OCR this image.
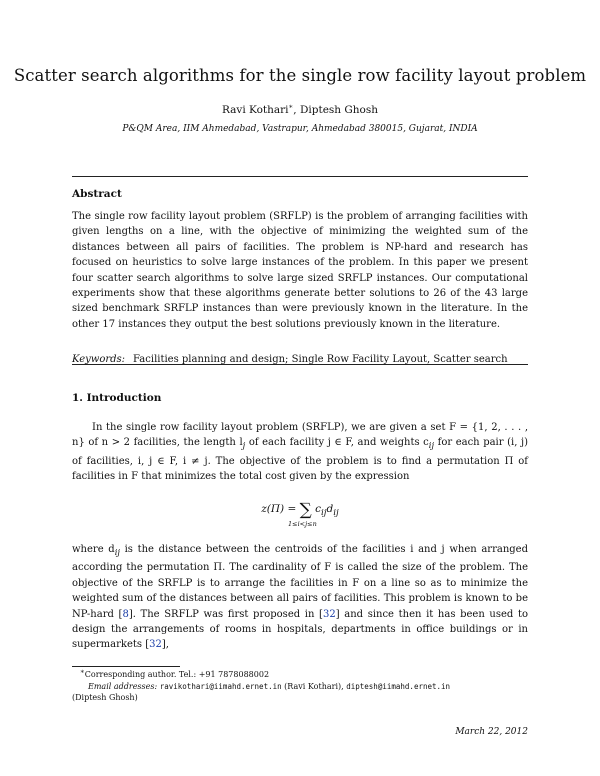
Scatter search algorithms for the single row facility layout problem
Ravi Kothari∗, Diptesh Ghosh
P&QM Area, IIM Ahmedabad, Vastrapur, Ahmedabad 380015, Gujarat, INDIA
Abstract

The single row facility layout problem (SRFLP) is the problem of arranging facilities with given lengths on a line, with the objective of minimizing the weighted sum of the distances between all pairs of facilities. The problem is NP-hard and research has focused on heuristics to solve large instances of the problem. In this paper we present four scatter search algorithms to solve large sized SRFLP instances. Our computational experiments show that these algorithms generate better solutions to 26 of the 43 large sized benchmark SRFLP instances than were previously known in the literature. In the other 17 instances they output the best solutions previously known in the literature.

Keywords: Facilities planning and design; Single Row Facility Layout, Scatter search
1. Introduction

In the single row facility layout problem (SRFLP), we are given a set F = {1, 2, . . . , n} of n > 2 facilities, the length $l_j$ of each facility j ∈ F, and weights $c_{ij}$ for each pair (i, j) of facilities, i, j ∈ F, i ≠ j. The objective of the problem is to find a permutation Π of facilities in F that minimizes the total cost given by the expression

z(Π) = ∑ $c_{ij}d_{ij}$
1≤i<j≤n

where $d_{ij}$ is the distance between the centroids of the facilities i and j when arranged according the permutation Π. The cardinality of F is called the size of the problem. The objective of the SRFLP is to arrange the facilities in F on a line so as to minimize the weighted sum of the distances between all pairs of facilities. This problem is known to be NP-hard [8]. The SRFLP was first proposed in [32] and since then it has been used to design the arrangements of rooms in hospitals, departments in office buildings or in supermarkets [32],

∗Corresponding author. Tel.: +91 7878088002
Email addresses: ravikothari@iimahd.ernet.in (Ravi Kothari), diptesh@iimahd.ernet.in
(Diptesh Ghosh)
March 22, 2012
